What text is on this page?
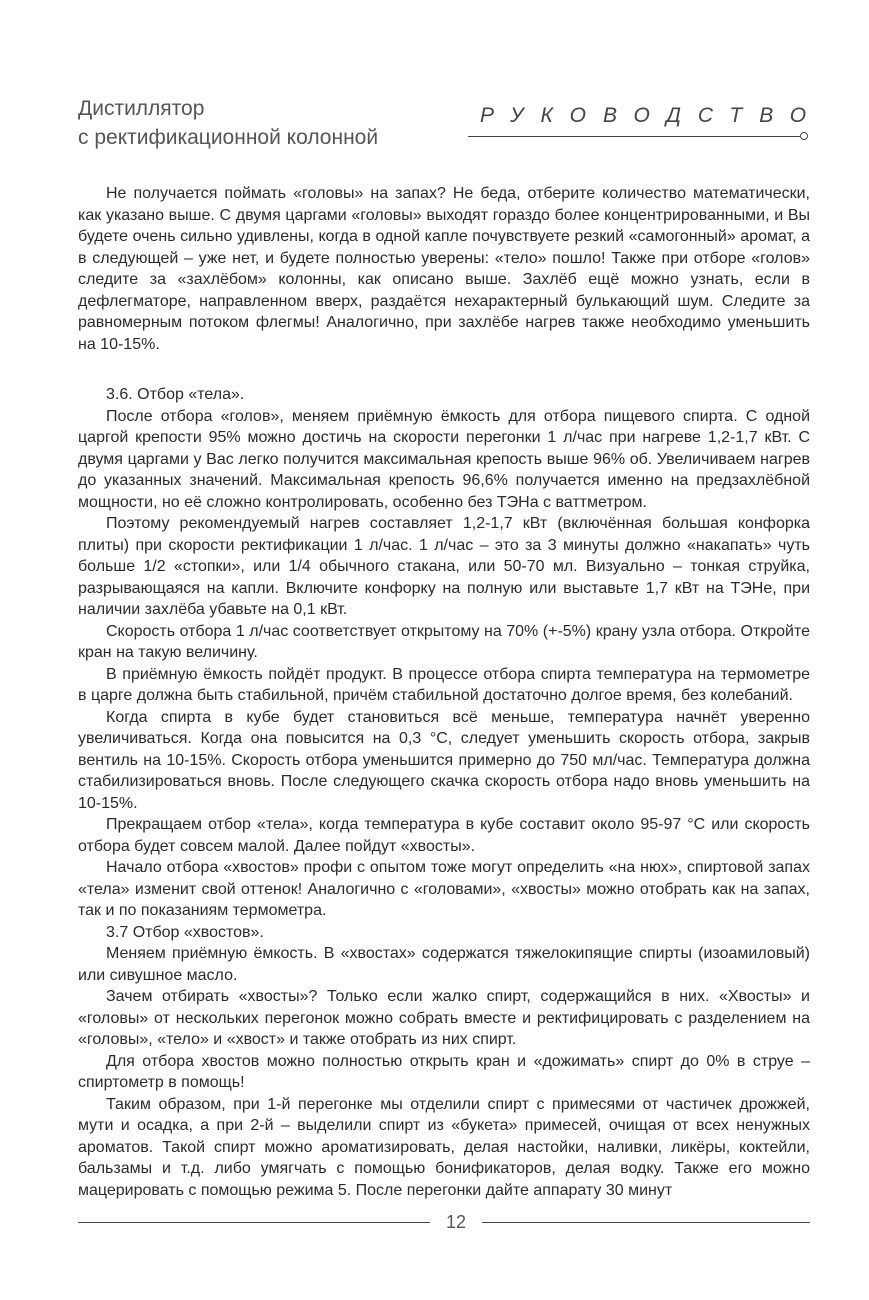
Дистиллятор
с ректификационной колонной
РУКОВОДСТВО

Не получается поймать «головы» на запах? Не беда, отберите количество математически, как указано выше. С двумя царгами «головы» выходят гораздо более концентрированными, и Вы будете очень сильно удивлены, когда в одной капле почувствуете резкий «самогонный» аромат, а в следующей – уже нет, и будете полностью уверены: «тело» пошло! Также при отборе «голов» следите за «захлёбом» колонны, как описано выше. Захлёб ещё можно узнать, если в дефлегматоре, направленном вверх, раздаётся нехарактерный булькающий шум. Следите за равномерным потоком флегмы! Аналогично, при захлёбе нагрев также необходимо уменьшить на 10-15%.

3.6. Отбор «тела».

После отбора «голов», меняем приёмную ёмкость для отбора пищевого спирта. С одной царгой крепости 95% можно достичь на скорости перегонки 1 л/час при нагреве 1,2-1,7 кВт. С двумя царгами у Вас легко получится максимальная крепость выше 96% об. Увеличиваем нагрев до указанных значений. Максимальная крепость 96,6% получается именно на предзахлёбной мощности, но её сложно контролировать, особенно без ТЭНа с ваттметром.

Поэтому рекомендуемый нагрев составляет 1,2-1,7 кВт (включённая большая конфорка плиты) при скорости ректификации 1 л/час. 1 л/час – это за 3 минуты должно «накапать» чуть больше 1/2 «стопки», или 1/4 обычного стакана, или 50-70 мл. Визуально – тонкая струйка, разрывающаяся на капли. Включите конфорку на полную или выставьте 1,7 кВт на ТЭНе, при наличии захлёба убавьте на 0,1 кВт.

Скорость отбора 1 л/час соответствует открытому на 70% (+-5%) крану узла отбора. Откройте кран на такую величину.

В приёмную ёмкость пойдёт продукт. В процессе отбора спирта температура на термометре в царге должна быть стабильной, причём стабильной достаточно долгое время, без колебаний.

Когда спирта в кубе будет становиться всё меньше, температура начнёт уверенно увеличиваться. Когда она повысится на 0,3 °С, следует уменьшить скорость отбора, закрыв вентиль на 10-15%. Скорость отбора уменьшится примерно до 750 мл/час. Температура должна стабилизироваться вновь. После следующего скачка скорость отбора надо вновь уменьшить на 10-15%.

Прекращаем отбор «тела», когда температура в кубе составит около 95-97 °С или скорость отбора будет совсем малой. Далее пойдут «хвосты».

Начало отбора «хвостов» профи с опытом тоже могут определить «на нюх», спиртовой запах «тела» изменит свой оттенок! Аналогично с «головами», «хвосты» можно отобрать как на запах, так и по показаниям термометра.

3.7 Отбор «хвостов».

Меняем приёмную ёмкость. В «хвостах» содержатся тяжелокипящие спирты (изоамиловый) или сивушное масло.

Зачем отбирать «хвосты»? Только если жалко спирт, содержащийся в них. «Хвосты» и «головы» от нескольких перегонок можно собрать вместе и ректифицировать с разделением на «головы», «тело» и «хвост» и также отобрать из них спирт.

Для отбора хвостов можно полностью открыть кран и «дожимать» спирт до 0% в струе – спиртометр в помощь!

Таким образом, при 1-й перегонке мы отделили спирт с примесями от частичек дрожжей, мути и осадка, а при 2-й – выделили спирт из «букета» примесей, очищая от всех ненужных ароматов. Такой спирт можно ароматизировать, делая настойки, наливки, ликёры, коктейли, бальзамы и т.д. либо умягчать с помощью бонификаторов, делая водку. Также его можно мацерировать с помощью режима 5. После перегонки дайте аппарату 30 минут

12
